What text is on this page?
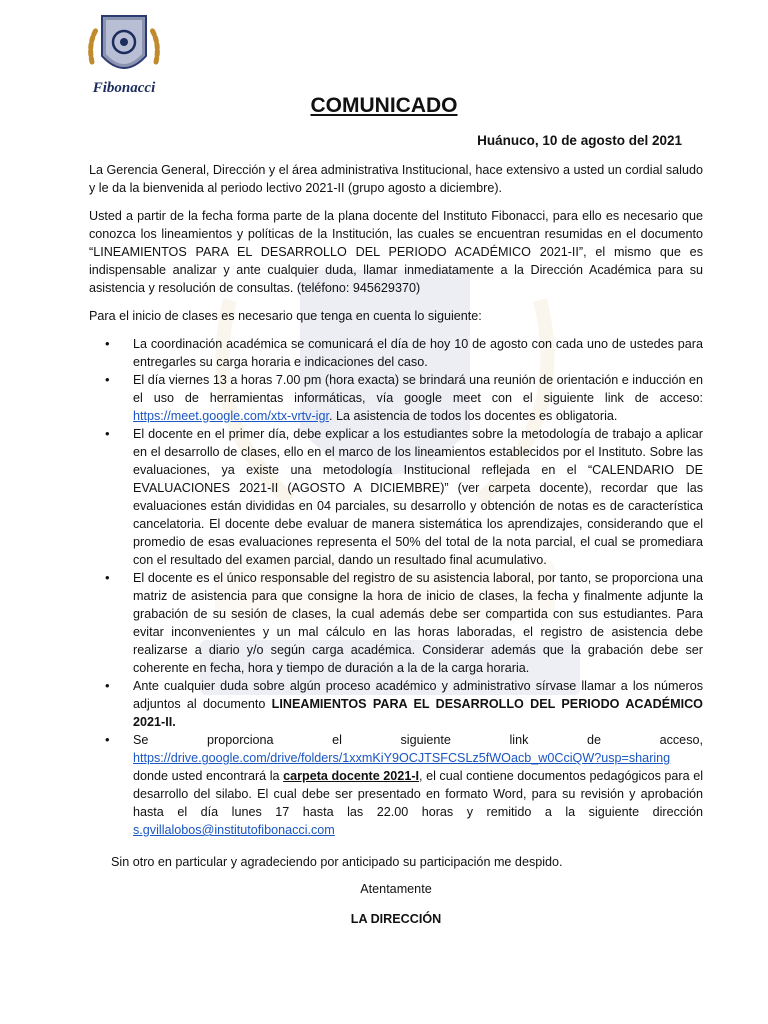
Fibonacci
COMUNICADO
Huánuco, 10 de agosto del 2021

La Gerencia General, Dirección y el área administrativa Institucional, hace extensivo a usted un cordial saludo y le da la bienvenida al periodo lectivo 2021-II (grupo agosto a diciembre).

Usted a partir de la fecha forma parte de la plana docente del Instituto Fibonacci, para ello es necesario que conozca los lineamientos y políticas de la Institución, las cuales se encuentran resumidas en el documento “LINEAMIENTOS PARA EL DESARROLLO DEL PERIODO ACADÉMICO 2021-II”, el mismo que es indispensable analizar y ante cualquier duda, llamar inmediatamente a la Dirección Académica para su asistencia y resolución de consultas. (teléfono: 945629370)

Para el inicio de clases es necesario que tenga en cuenta lo siguiente:

• La coordinación académica se comunicará el día de hoy 10 de agosto con cada uno de ustedes para entregarles su carga horaria e indicaciones del caso.
• El día viernes 13 a horas 7.00 pm (hora exacta) se brindará una reunión de orientación e inducción en el uso de herramientas informáticas, vía google meet con el siguiente link de acceso: https://meet.google.com/xtx-vrtv-igr. La asistencia de todos los docentes es obligatoria.
• El docente en el primer día, debe explicar a los estudiantes sobre la metodología de trabajo a aplicar en el desarrollo de clases, ello en el marco de los lineamientos establecidos por el Instituto. Sobre las evaluaciones, ya existe una metodología Institucional reflejada en el “CALENDARIO DE EVALUACIONES 2021-II (AGOSTO A DICIEMBRE)” (ver carpeta docente), recordar que las evaluaciones están divididas en 04 parciales, su desarrollo y obtención de notas es de característica cancelatoria. El docente debe evaluar de manera sistemática los aprendizajes, considerando que el promedio de esas evaluaciones representa el 50% del total de la nota parcial, el cual se promediara con el resultado del examen parcial, dando un resultado final acumulativo.
• El docente es el único responsable del registro de su asistencia laboral, por tanto, se proporciona una matriz de asistencia para que consigne la hora de inicio de clases, la fecha y finalmente adjunte la grabación de su sesión de clases, la cual además debe ser compartida con sus estudiantes. Para evitar inconvenientes y un mal cálculo en las horas laboradas, el registro de asistencia debe realizarse a diario y/o según carga académica. Considerar además que la grabación debe ser coherente en fecha, hora y tiempo de duración a la de la carga horaria.
• Ante cualquier duda sobre algún proceso académico y administrativo sírvase llamar a los números adjuntos al documento LINEAMIENTOS PARA EL DESARROLLO DEL PERIODO ACADÉMICO 2021-II.
• Se proporciona el siguiente link de acceso, https://drive.google.com/drive/folders/1xxmKiY9OCJTSFCSLz5fWOacb_w0CciQW?usp=sharing donde usted encontrará la carpeta docente 2021-I, el cual contiene documentos pedagógicos para el desarrollo del silabo. El cual debe ser presentado en formato Word, para su revisión y aprobación hasta el día lunes 17 hasta las 22.00 horas y remitido a la siguiente dirección s.gvillalobos@institutofibonacci.com

Sin otro en particular y agradeciendo por anticipado su participación me despido.

Atentamente
LA DIRECCIÓN
